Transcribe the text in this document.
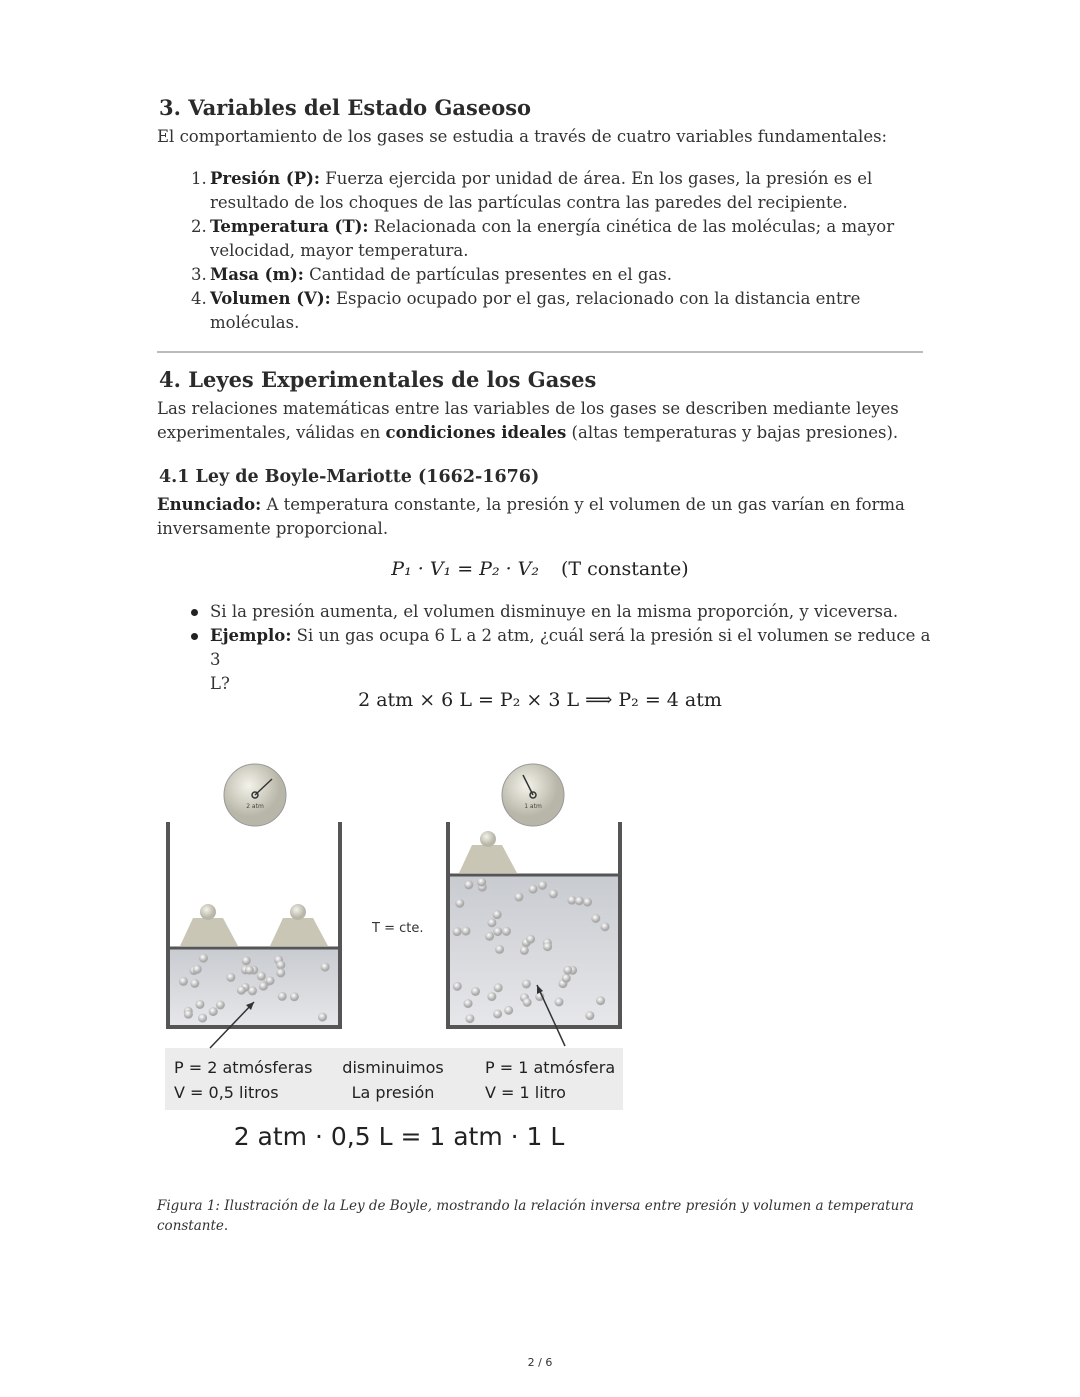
3. Variables del Estado Gaseoso
El comportamiento de los gases se estudia a través de cuatro variables fundamentales:
1. Presión (P): Fuerza ejercida por unidad de área. En los gases, la presión es el
resultado de los choques de las partículas contra las paredes del recipiente.
2. Temperatura (T): Relacionada con la energía cinética de las moléculas; a mayor
velocidad, mayor temperatura.
3. Masa (m): Cantidad de partículas presentes en el gas.
4. Volumen (V): Espacio ocupado por el gas, relacionado con la distancia entre
moléculas.
4. Leyes Experimentales de los Gases
Las relaciones matemáticas entre las variables de los gases se describen mediante leyes
experimentales, válidas en condiciones ideales (altas temperaturas y bajas presiones).
4.1 Ley de Boyle-Mariotte (1662-1676)
Enunciado: A temperatura constante, la presión y el volumen de un gas varían en forma
inversamente proporcional.
P₁ · V₁ = P₂ · V₂ (T constante)
Si la presión aumenta, el volumen disminuye en la misma proporción, y viceversa.
Ejemplo: Si un gas ocupa 6 L a 2 atm, ¿cuál será la presión si el volumen se reduce a 3
L?
2 atm × 6 L = P₂ × 3 L ⟹ P₂ = 4 atm
2 atm	1 atm
T = cte.
P = 2 atmósferas
V = 0,5 litros
disminuimos
La presión
P = 1 atmósfera
V = 1 litro
2 atm · 0,5 L = 1 atm · 1 L
Figura 1: Ilustración de la Ley de Boyle, mostrando la relación inversa entre presión y volumen a temperatura
constante.
2 / 6
